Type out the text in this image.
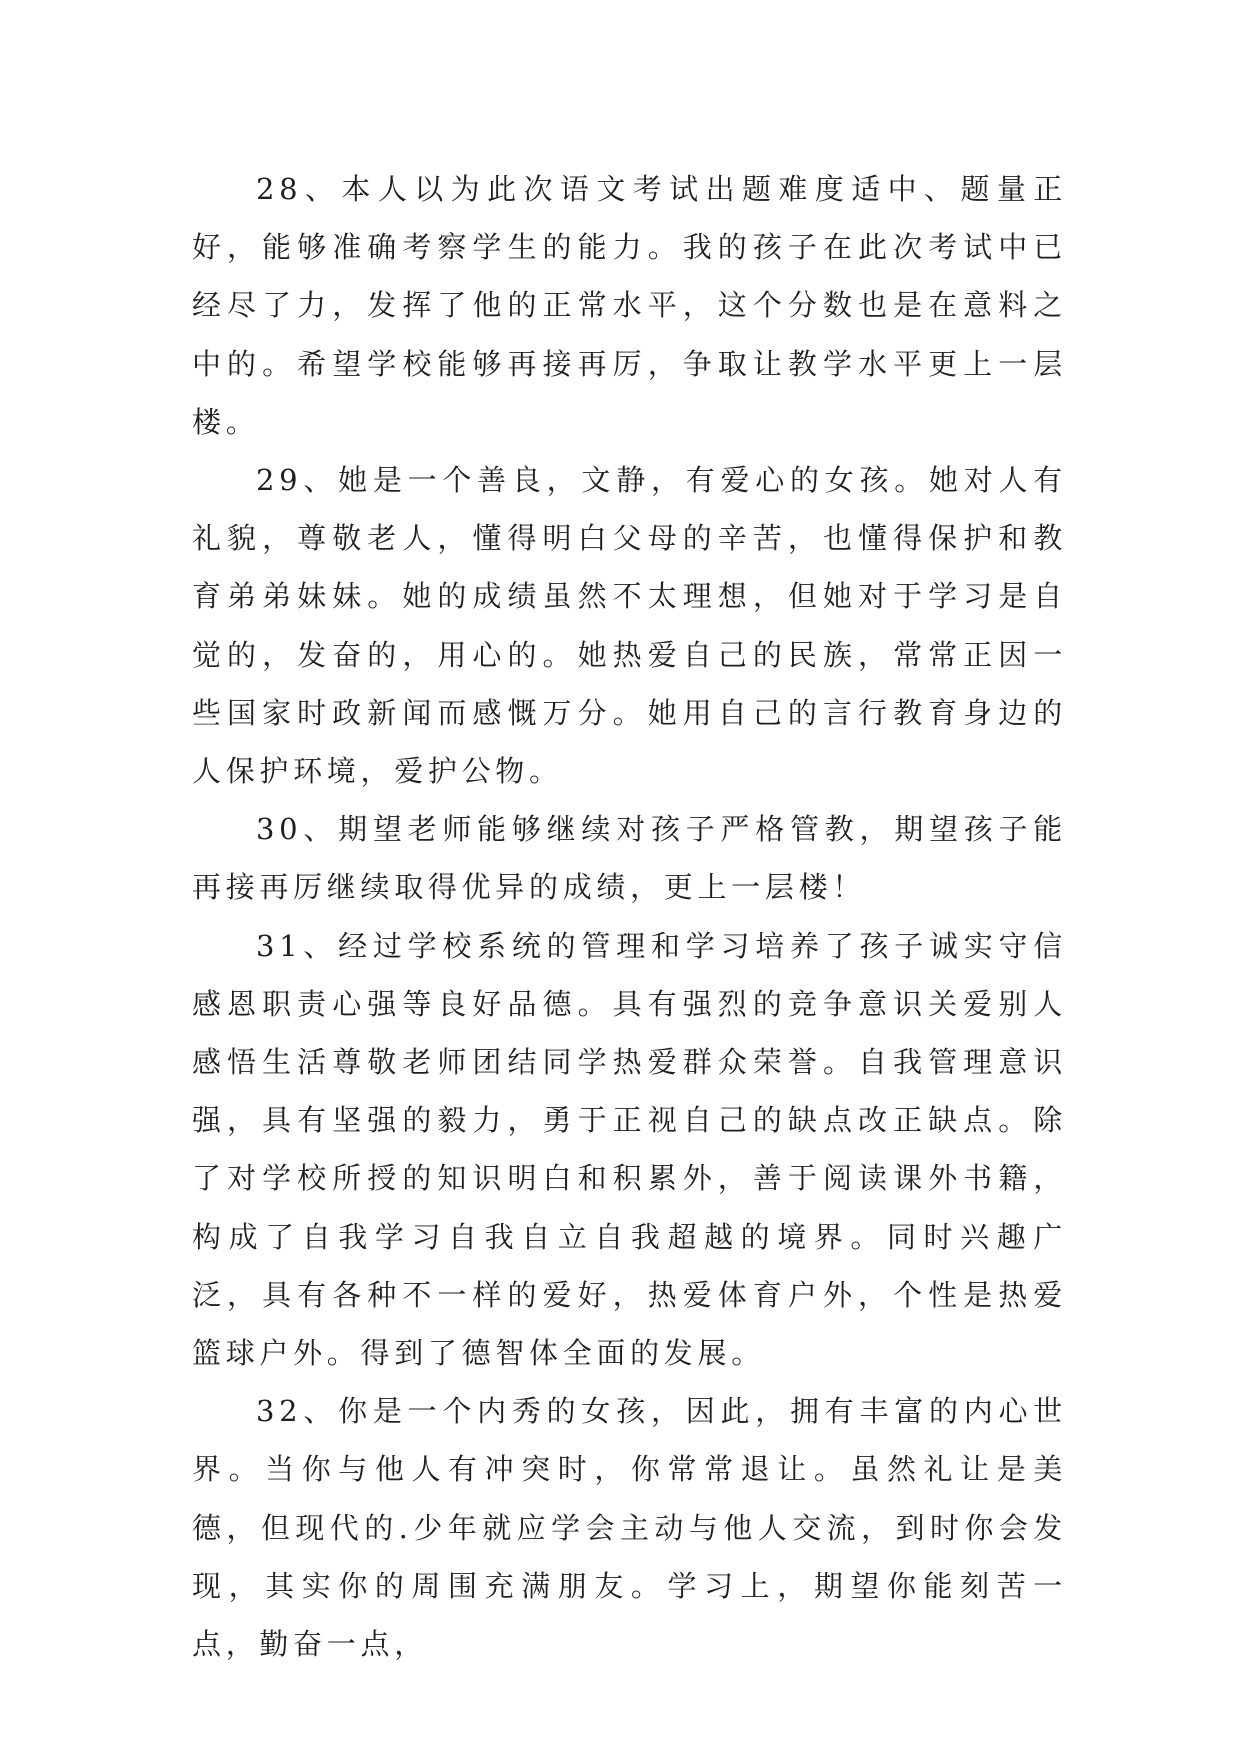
28、本人以为此次语文考试出题难度适中、题量正好，能够准确考察学生的能力。我的孩子在此次考试中已经尽了力，发挥了他的正常水平，这个分数也是在意料之中的。希望学校能够再接再厉，争取让教学水平更上一层楼。

29、她是一个善良，文静，有爱心的女孩。她对人有礼貌，尊敬老人，懂得明白父母的辛苦，也懂得保护和教育弟弟妹妹。她的成绩虽然不太理想，但她对于学习是自觉的，发奋的，用心的。她热爱自己的民族，常常正因一些国家时政新闻而感慨万分。她用自己的言行教育身边的人保护环境，爱护公物。

30、期望老师能够继续对孩子严格管教，期望孩子能再接再厉继续取得优异的成绩，更上一层楼！

31、经过学校系统的管理和学习培养了孩子诚实守信感恩职责心强等良好品德。具有强烈的竞争意识关爱别人感悟生活尊敬老师团结同学热爱群众荣誉。自我管理意识强，具有坚强的毅力，勇于正视自己的缺点改正缺点。除了对学校所授的知识明白和积累外，善于阅读课外书籍，构成了自我学习自我自立自我超越的境界。同时兴趣广泛，具有各种不一样的爱好，热爱体育户外，个性是热爱篮球户外。得到了德智体全面的发展。

32、你是一个内秀的女孩，因此，拥有丰富的内心世界。当你与他人有冲突时，你常常退让。虽然礼让是美德，但现代的.少年就应学会主动与他人交流，到时你会发现，其实你的周围充满朋友。学习上，期望你能刻苦一点，勤奋一点，
